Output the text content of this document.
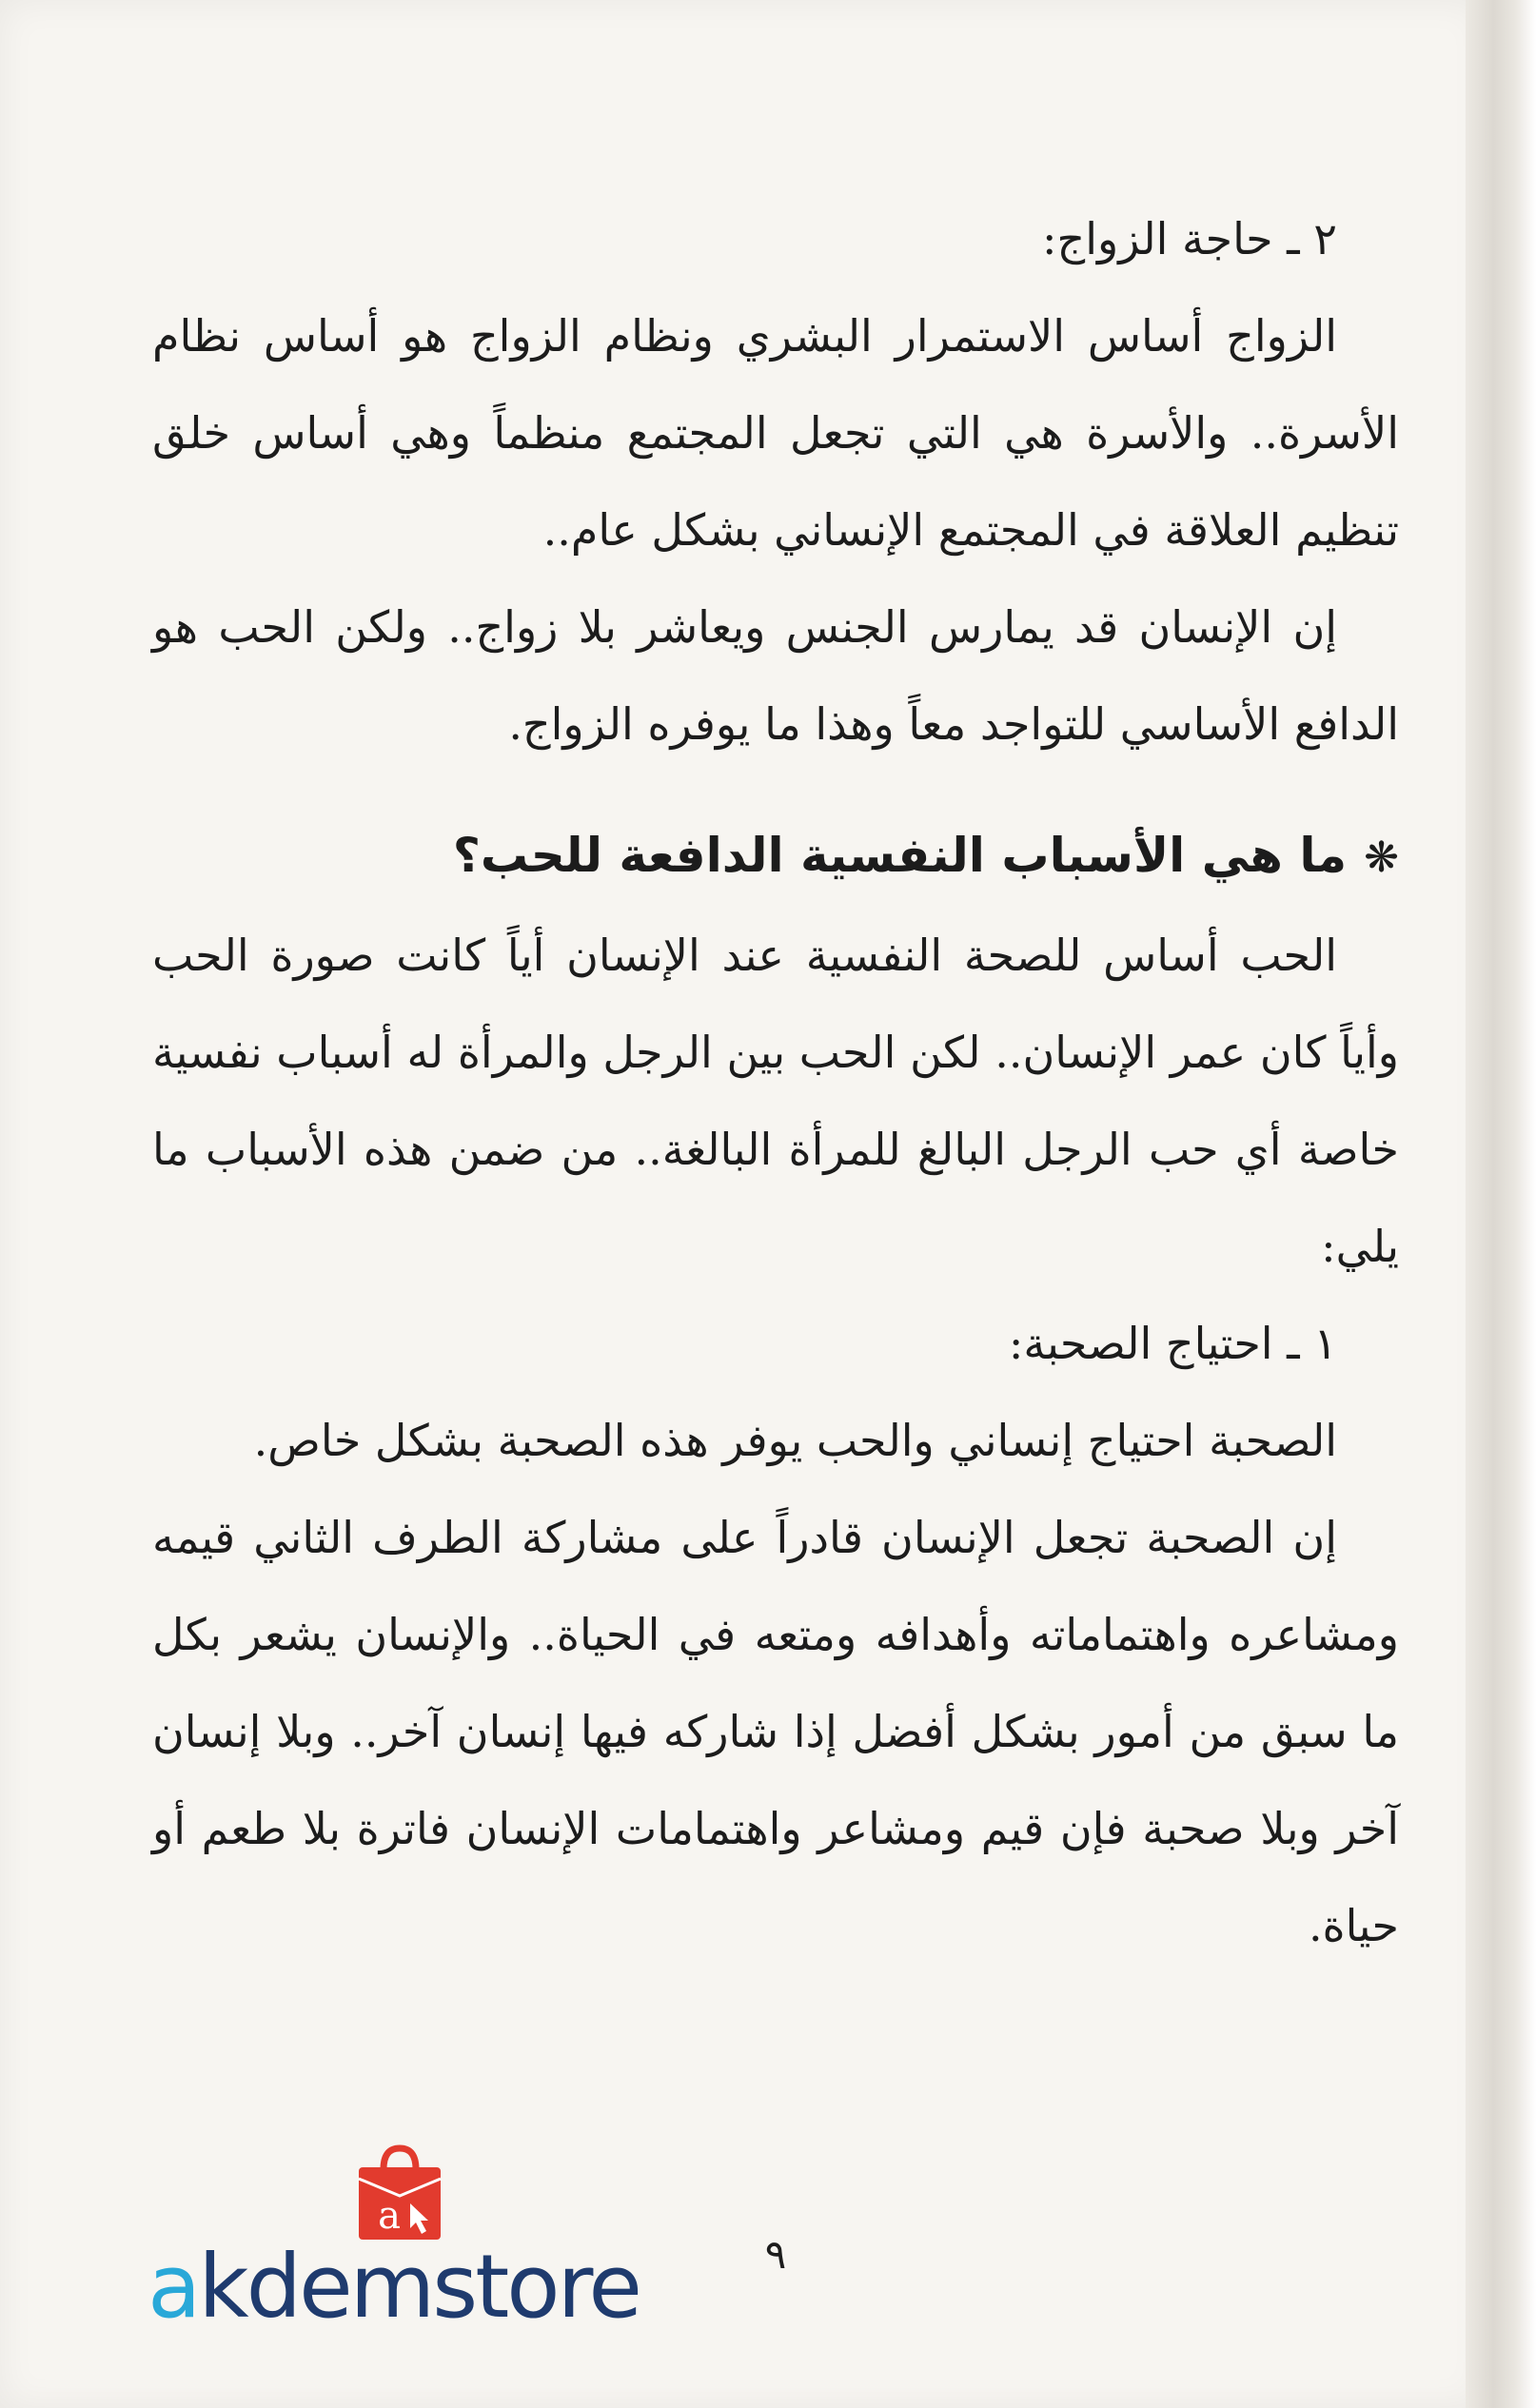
٢ ـ حاجة الزواج:

الزواج أساس الاستمرار البشري ونظام الزواج هو أساس نظام الأسرة.. والأسرة هي التي تجعل المجتمع منظماً وهي أساس خلق تنظيم العلاقة في المجتمع الإنساني بشكل عام..

إن الإنسان قد يمارس الجنس ويعاشر بلا زواج.. ولكن الحب هو الدافع الأساسي للتواجد معاً وهذا ما يوفره الزواج.

❋ما هي الأسباب النفسية الدافعة للحب؟

الحب أساس للصحة النفسية عند الإنسان أياً كانت صورة الحب وأياً كان عمر الإنسان.. لكن الحب بين الرجل والمرأة له أسباب نفسية خاصة أي حب الرجل البالغ للمرأة البالغة.. من ضمن هذه الأسباب ما يلي:

١ ـ احتياج الصحبة:

الصحبة احتياج إنساني والحب يوفر هذه الصحبة بشكل خاص.

إن الصحبة تجعل الإنسان قادراً على مشاركة الطرف الثاني قيمه ومشاعره واهتماماته وأهدافه ومتعه في الحياة.. والإنسان يشعر بكل ما سبق من أمور بشكل أفضل إذا شاركه فيها إنسان آخر.. وبلا إنسان آخر وبلا صحبة فإن قيم ومشاعر واهتمامات الإنسان فاترة بلا طعم أو حياة.

٩
a
akdemstore
